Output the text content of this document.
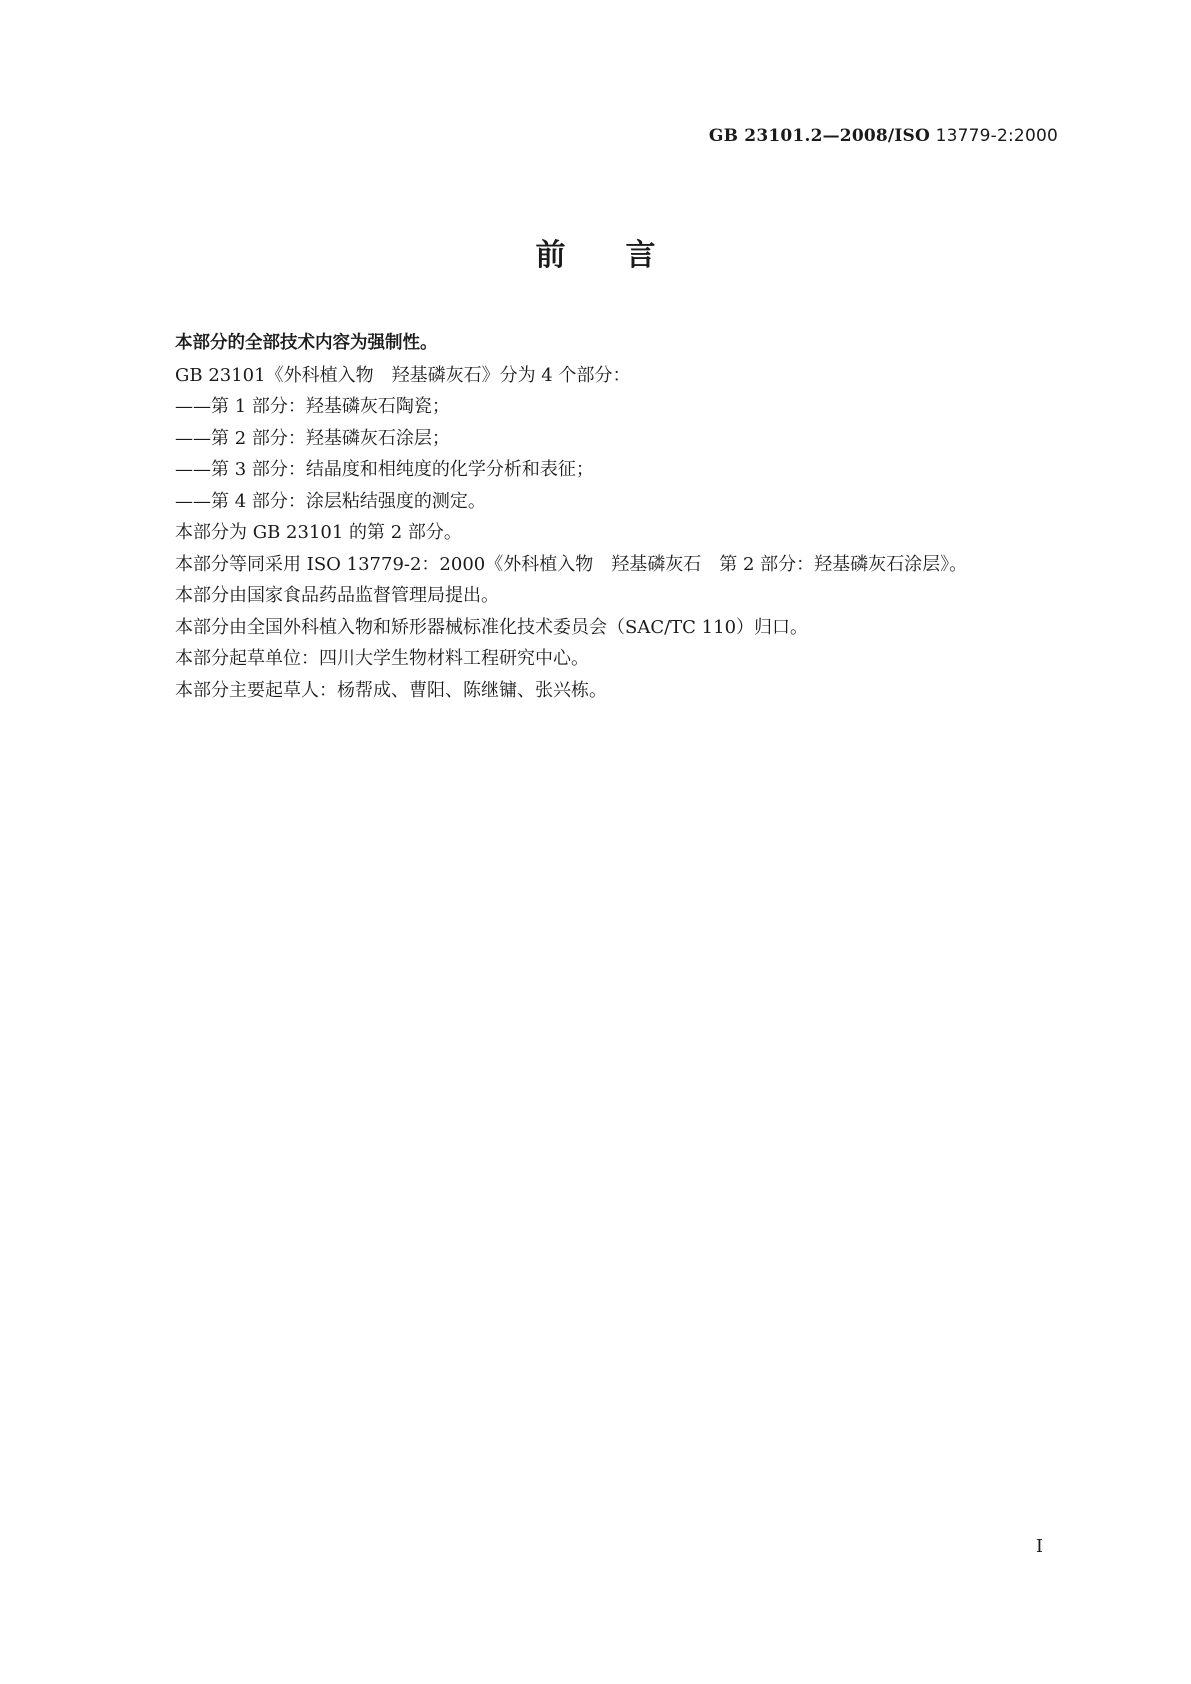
GB 23101.2—2008/ISO 13779-2:2000
前言
本部分的全部技术内容为强制性。
GB 23101《外科植入物　羟基磷灰石》分为 4 个部分：
——第 1 部分：羟基磷灰石陶瓷；
——第 2 部分：羟基磷灰石涂层；
——第 3 部分：结晶度和相纯度的化学分析和表征；
——第 4 部分：涂层粘结强度的测定。
本部分为 GB 23101 的第 2 部分。
本部分等同采用 ISO 13779-2：2000《外科植入物　羟基磷灰石　第 2 部分：羟基磷灰石涂层》。
本部分由国家食品药品监督管理局提出。
本部分由全国外科植入物和矫形器械标准化技术委员会（SAC/TC 110）归口。
本部分起草单位：四川大学生物材料工程研究中心。
本部分主要起草人：杨帮成、曹阳、陈继镛、张兴栋。
I
